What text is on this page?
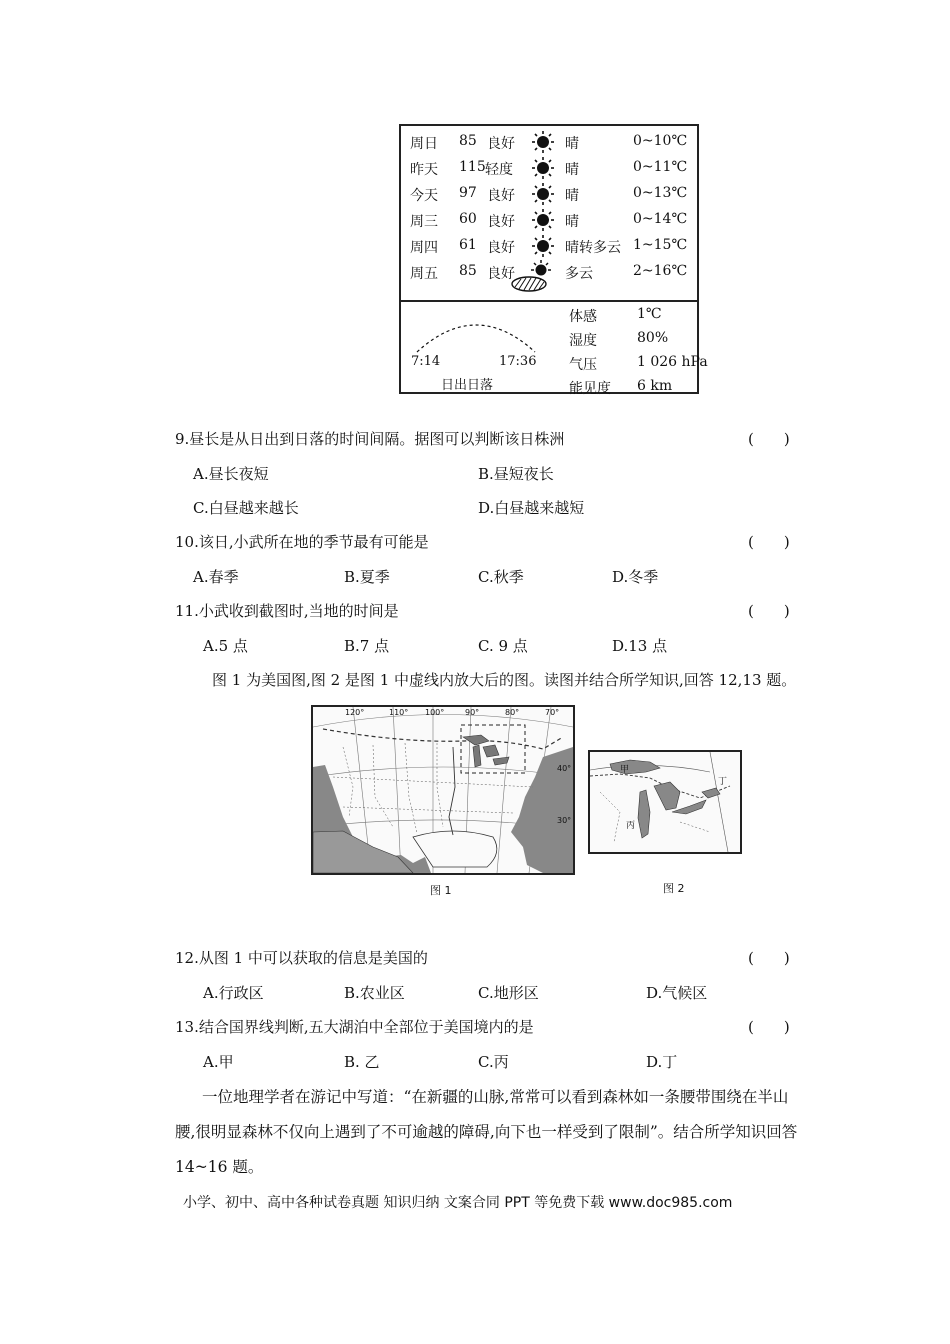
周日 85 良好	晴	0~10℃
昨天 115 轻度	晴	0~11℃
今天 97 良好	晴	0~13℃
周三 60 良好	晴	0~14℃
周四 61 良好	晴转多云 1~15℃
周五 85 良好	多云	2~16℃
7:14	17:36
日出日落
体感	1℃
湿度	80%
气压	1 026 hPa
能见度 6 km
9.昼长是从日出到日落的时间间隔。据图可以判断该日株洲	(　　)
A.昼长夜短	B.昼短夜长
C.白昼越来越长	D.白昼越来越短
10.该日,小武所在地的季节最有可能是	(　　)
A.春季	B.夏季	C.秋季	D.冬季
11.小武收到截图时,当地的时间是	(　　)
A.5 点	B.7 点	C. 9 点	D.13 点
图 1 为美国图,图 2 是图 1 中虚线内放大后的图。读图并结合所学知识,回答 12,13 题。
120°	110° 100°	90°	80°	70°
40°
30°
图 1
甲
丁
丙
图 2
12.从图 1 中可以获取的信息是美国的	(　　)
A.行政区	B.农业区	C.地形区	D.气候区
13.结合国界线判断,五大湖泊中全部位于美国境内的是	(　　)
A.甲	B. 乙	C.丙	D.丁
一位地理学者在游记中写道：“在新疆的山脉,常常可以看到森林如一条腰带围绕在半山
腰,很明显森林不仅向上遇到了不可逾越的障碍,向下也一样受到了限制”。结合所学知识回答
14~16 题。
小学、初中、高中各种试卷真题 知识归纳 文案合同 PPT 等免费下载 www.doc985.com
